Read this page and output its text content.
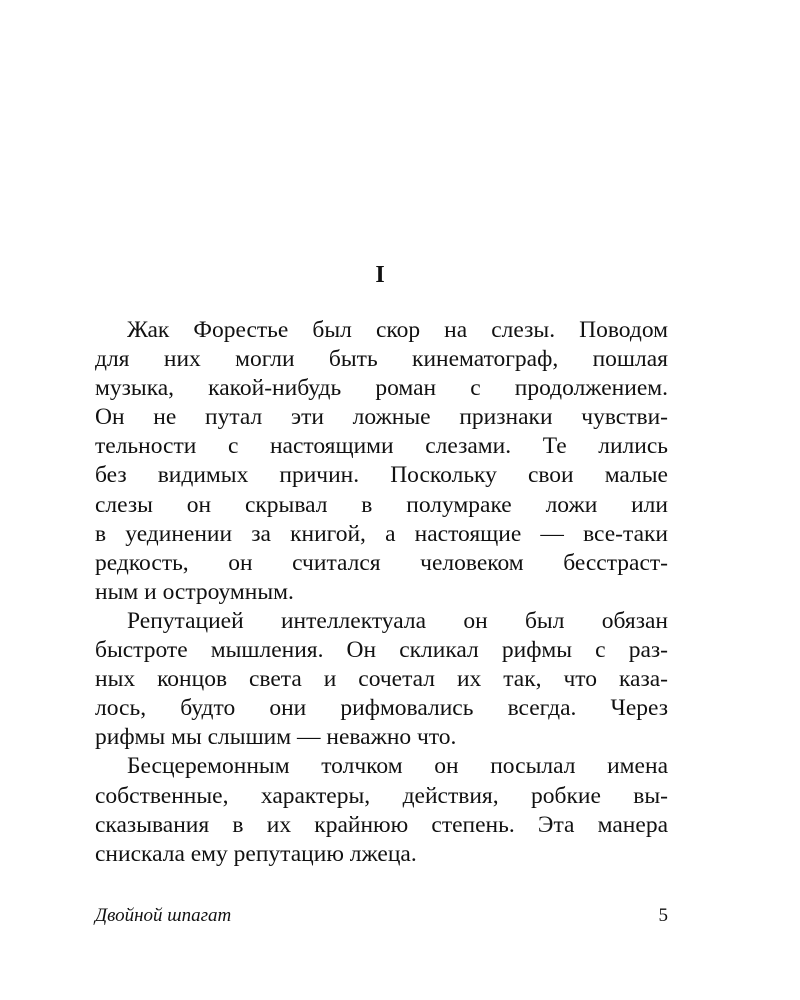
I

Жак Форестье был скор на слезы. Поводом
для них могли быть кинематограф, пошлая
музыка, какой-нибудь роман с продолжением.
Он не путал эти ложные признаки чувстви-
тельности с настоящими слезами. Те лились
без видимых причин. Поскольку свои малые
слезы он скрывал в полумраке ложи или
в уединении за книгой, а настоящие — все-таки
редкость, он считался человеком бесстраст-
ным и остроумным.

Репутацией интеллектуала он был обязан
быстроте мышления. Он скликал рифмы с раз-
ных концов света и сочетал их так, что каза-
лось, будто они рифмовались всегда. Через
рифмы мы слышим — неважно что.

Бесцеремонным толчком он посылал имена
собственные, характеры, действия, робкие вы-
сказывания в их крайнюю степень. Эта манера
снискала ему репутацию лжеца.

Двойной шпагат	5
